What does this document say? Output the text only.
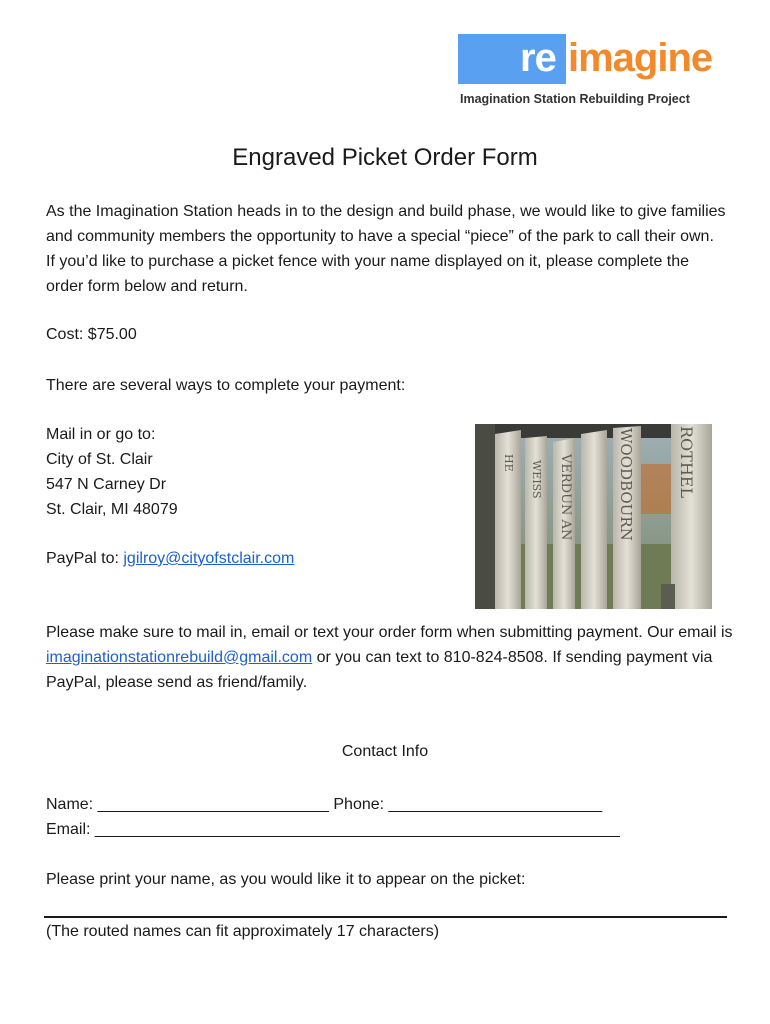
re imagine
Imagination Station Rebuilding Project
Engraved Picket Order Form
As the Imagination Station heads in to the design and build phase, we would like to give families and community members the opportunity to have a special “piece” of the park to call their own. If you’d like to purchase a picket fence with your name displayed on it, please complete the order form below and return.
Cost: $75.00
There are several ways to complete your payment:
Mail in or go to:
City of St. Clair
547 N Carney Dr
St. Clair, MI 48079
PayPal to: jgilroy@cityofstclair.com
HE WEISS VERDUN AN	WOODBOURN	ROTHEL
Please make sure to mail in, email or text your order form when submitting payment. Our email is imaginationstationrebuild@gmail.com or you can text to 810-824-8508. If sending payment via PayPal, please send as friend/family.
Contact Info
Name: __________________________ Phone: ________________________
Email: ___________________________________________________________
Please print your name, as you would like it to appear on the picket:
(The routed names can fit approximately 17 characters)
